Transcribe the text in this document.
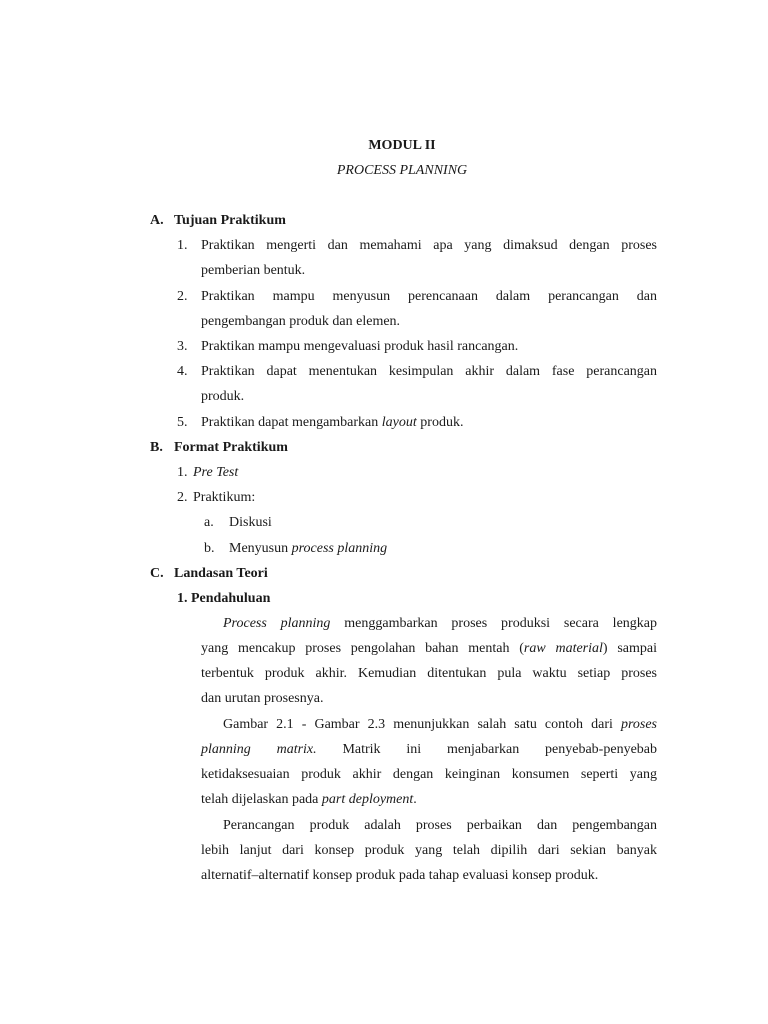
MODUL II
PROCESS PLANNING
A. Tujuan Praktikum
1. Praktikan mengerti dan memahami apa yang dimaksud dengan proses
pemberian bentuk.
2. Praktikan mampu menyusun perencanaan dalam perancangan dan
pengembangan produk dan elemen.
3. Praktikan mampu mengevaluasi produk hasil rancangan.
4. Praktikan dapat menentukan kesimpulan akhir dalam fase perancangan
produk.
5. Praktikan dapat mengambarkan layout produk.
B. Format Praktikum
1. Pre Test
2. Praktikum:
a. Diskusi
b. Menyusun process planning
C. Landasan Teori
1. Pendahuluan
Process planning menggambarkan proses produksi secara lengkap
yang mencakup proses pengolahan bahan mentah (raw material) sampai
terbentuk produk akhir. Kemudian ditentukan pula waktu setiap proses
dan urutan prosesnya.
Gambar 2.1 - Gambar 2.3 menunjukkan salah satu contoh dari proses
planning matrix. Matrik ini menjabarkan penyebab-penyebab
ketidaksesuaian produk akhir dengan keinginan konsumen seperti yang
telah dijelaskan pada part deployment.
Perancangan produk adalah proses perbaikan dan pengembangan
lebih lanjut dari konsep produk yang telah dipilih dari sekian banyak
alternatif–alternatif konsep produk pada tahap evaluasi konsep produk.
